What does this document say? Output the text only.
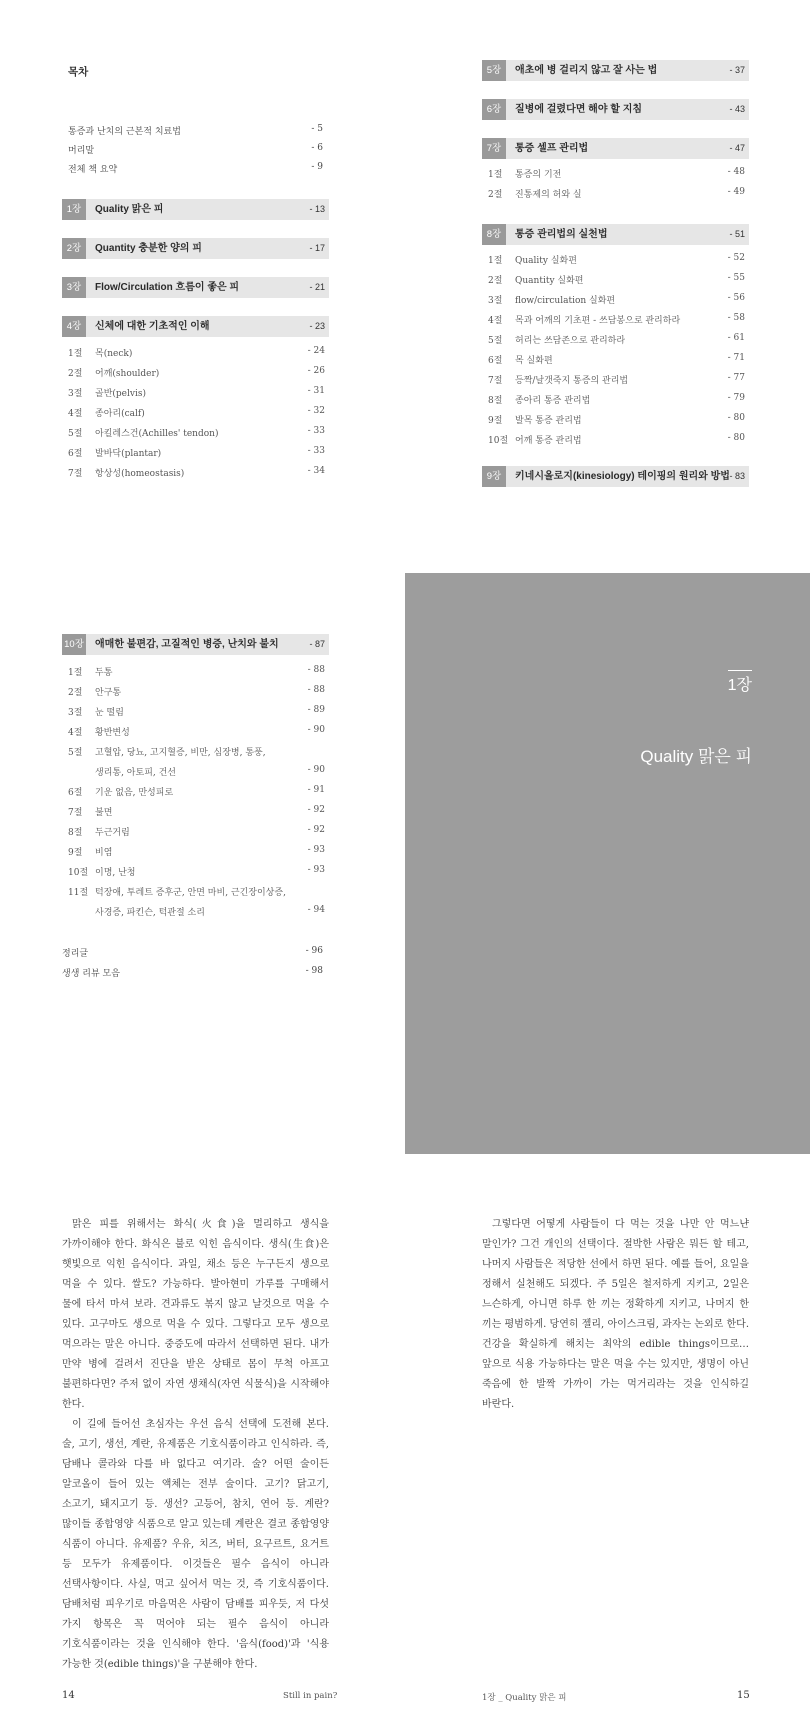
목차
통증과 난치의 근본적 치료법	- 5
머리말	- 6
전체 책 요약	- 9
1장	Quality 맑은 피	- 13
2장	Quantity 충분한 양의 피	- 17
3장	Flow/Circulation 흐름이 좋은 피	- 21
4장	신체에 대한 기초적인 이해	- 23
1절 목(neck)	- 24
2절 어깨(shoulder)	- 26
3절 골반(pelvis)	- 31
4절 종아리(calf)	- 32
5절 아킬레스건(Achilles' tendon)	- 33
6절 발바닥(plantar)	- 33
7절 항상성(homeostasis)	- 34
5장	애초에 병 걸리지 않고 잘 사는 법	- 37
6장	질병에 걸렸다면 해야 할 지침	- 43
7장	통증 셀프 관리법	- 47
1절 통증의 기전	- 48
2절 진통제의 허와 실	- 49
8장	통증 관리법의 실천법	- 51
1절 Quality 실화편	- 52
2절 Quantity 실화편	- 55
3절 flow/circulation 실화편	- 56
4절 목과 어깨의 기초편 - 쓰담봉으로 관리하라	- 58
5절 허리는 쓰담존으로 관리하라	- 61
6절 목 실화편	- 71
7절 등짝/날갯죽지 통증의 관리법	- 77
8절 종아리 통증 관리법	- 79
9절 발목 통증 관리법	- 80
10절 어깨 통증 관리법	- 80
9장	키네시올로지(kinesiology) 테이핑의 원리와 방법 - 83
10장 애매한 불편감, 고질적인 병증, 난치와 불치	- 87
1절 두통	- 88
2절 안구통	- 88
3절 눈 떨림	- 89
4절 황반변성	- 90
5절 고혈압, 당뇨, 고지혈증, 비만, 심장병, 통풍,
생리통, 아토피, 건선	- 90
6절 기운 없음, 만성피로	- 91
7절 불면	- 92
8절 두근거림	- 92
9절 비염	- 93
10절 이명, 난청	- 93
11절 턱장애, 투레트 증후군, 안면 마비, 근긴장이상증,
사경증, 파킨슨, 턱관절 소리	- 94
정리글	- 96
생생 리뷰 모음	- 98
1장
Quality 맑은 피

맑은 피를 위해서는 화식(火食)을 멀리하고 생식을 가까이해야 한다. 화식은 불로 익힌 음식이다. 생식(生食)은 햇빛으로 익힌 음식이다. 과일, 채소 등은 누구든지 생으로 먹을 수 있다. 쌀도? 가능하다. 발아현미 가루를 구매해서 물에 타서 마셔 보라. 견과류도 볶지 않고 날것으로 먹을 수 있다. 고구마도 생으로 먹을 수 있다. 그렇다고 모두 생으로 먹으라는 말은 아니다. 중증도에 따라서 선택하면 된다. 내가 만약 병에 걸려서 진단을 받은 상태로 몸이 무척 아프고 불편하다면? 주저 없이 자연 생채식(자연 식물식)을 시작해야 한다.

이 길에 들어선 초심자는 우선 음식 선택에 도전해 본다. 술, 고기, 생선, 계란, 유제품은 기호식품이라고 인식하라. 즉, 담배나 콜라와 다를 바 없다고 여기라. 술? 어떤 술이든 알코올이 들어 있는 액체는 전부 술이다. 고기? 닭고기, 소고기, 돼지고기 등. 생선? 고등어, 참치, 연어 등. 계란? 많이들 종합영양 식품으로 알고 있는데 계란은 결코 종합영양 식품이 아니다. 유제품? 우유, 치즈, 버터, 요구르트, 요거트 등 모두가 유제품이다. 이것들은 필수 음식이 아니라 선택사항이다. 사실, 먹고 싶어서 먹는 것, 즉 기호식품이다. 담배처럼 피우기로 마음먹은 사람이 담배를 피우듯, 저 다섯 가지 항목은 꼭 먹어야 되는 필수 음식이 아니라 기호식품이라는 것을 인식해야 한다. '음식(food)'과 '식용 가능한 것(edible things)'을 구분해야 한다.

14	Still in pain?

그렇다면 어떻게 사람들이 다 먹는 것을 나만 안 먹느냔 말인가? 그건 개인의 선택이다. 절박한 사람은 뭐든 할 테고, 나머지 사람들은 적당한 선에서 하면 된다. 예를 들어, 요일을 정해서 실천해도 되겠다. 주 5일은 철저하게 지키고, 2일은 느슨하게, 아니면 하루 한 끼는 정확하게 지키고, 나머지 한 끼는 평범하게. 당연히 젤리, 아이스크림, 과자는 논외로 한다. 건강을 확실하게 해치는 최악의 edible things이므로… 앞으로 식용 가능하다는 말은 먹을 수는 있지만, 생명이 아닌 죽음에 한 발짝 가까이 가는 먹거리라는 것을 인식하길 바란다.

1장 _ Quality 맑은 피	15
